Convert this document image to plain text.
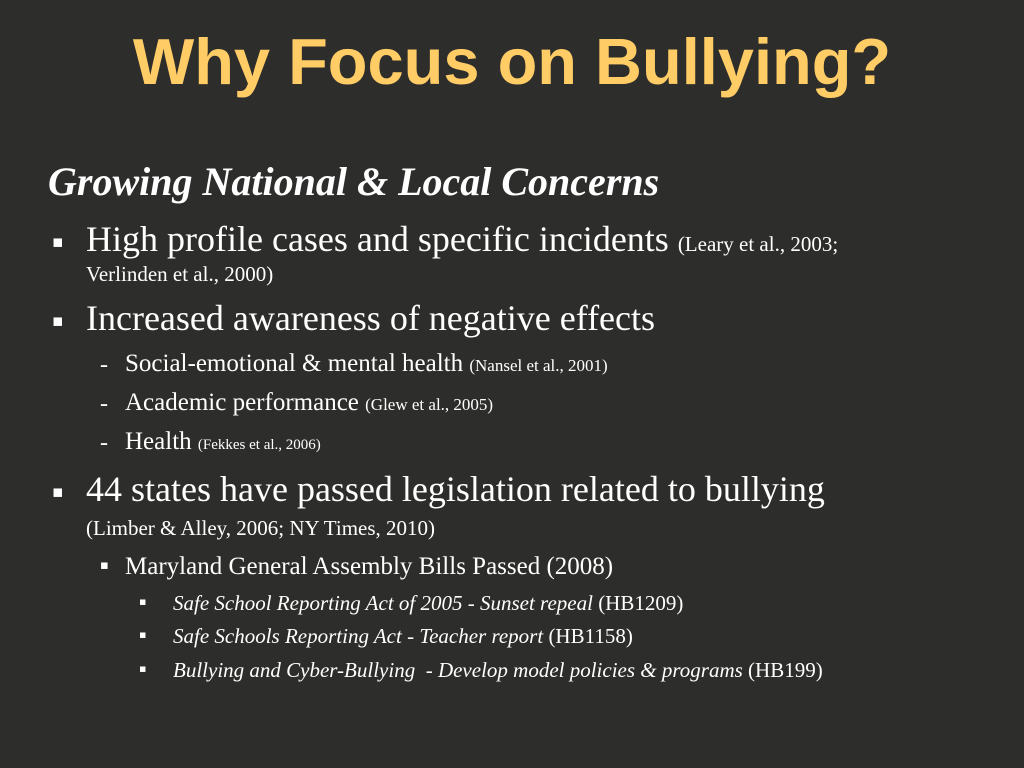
Why Focus on Bullying?
Growing National & Local Concerns
▪ High profile cases and specific incidents (Leary et al., 2003;
Verlinden et al., 2000)
▪ Increased awareness of negative effects
- Social-emotional & mental health (Nansel et al., 2001)
- Academic performance (Glew et al., 2005)
- Health (Fekkes et al., 2006)
▪ 44 states have passed legislation related to bullying
(Limber & Alley, 2006; NY Times, 2010)
▪ Maryland General Assembly Bills Passed (2008)
▪ Safe School Reporting Act of 2005 - Sunset repeal (HB1209)
▪ Safe Schools Reporting Act - Teacher report (HB1158)
▪ Bullying and Cyber-Bullying  - Develop model policies & programs (HB199)
